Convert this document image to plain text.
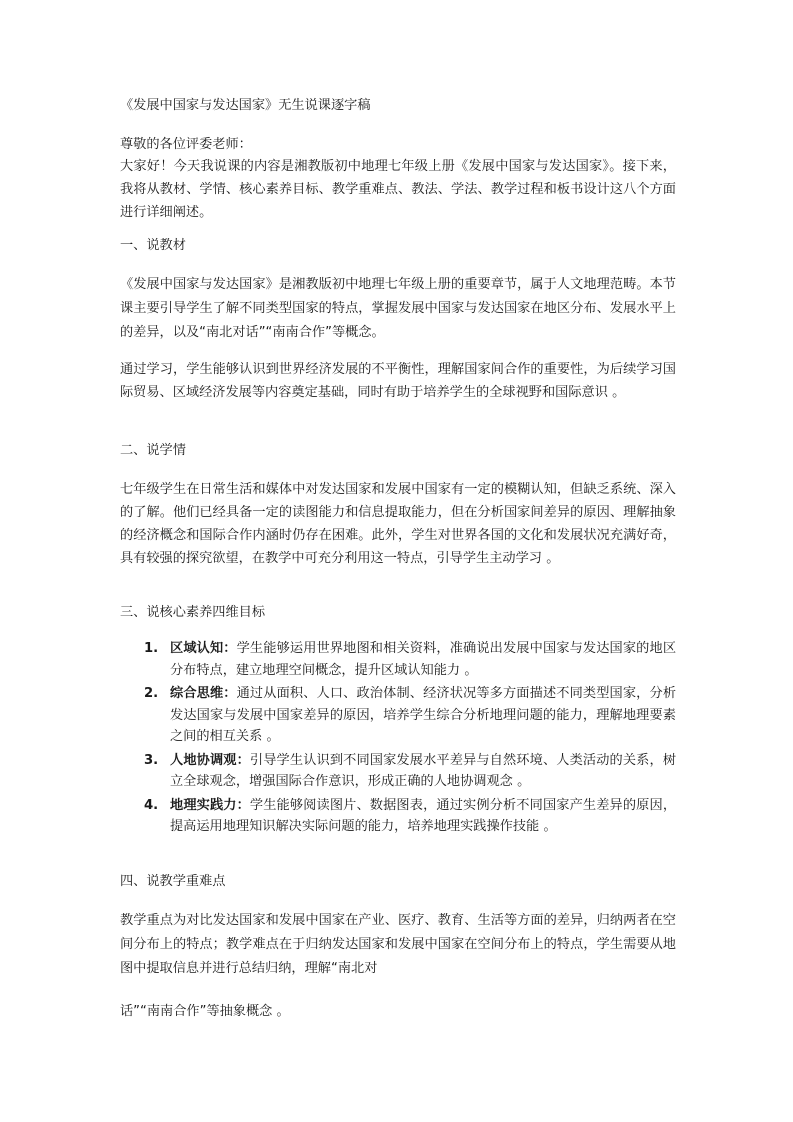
《发展中国家与发达国家》无生说课逐字稿

尊敬的各位评委老师：

大家好！今天我说课的内容是湘教版初中地理七年级上册《发展中国家与发达国家》。接下来，我将从教材、学情、核心素养目标、教学重难点、教法、学法、教学过程和板书设计这八个方面进行详细阐述。

一、说教材

《发展中国家与发达国家》是湘教版初中地理七年级上册的重要章节，属于人文地理范畴。本节课主要引导学生了解不同类型国家的特点，掌握发展中国家与发达国家在地区分布、发展水平上的差异，以及“南北对话”“南南合作”等概念。

通过学习，学生能够认识到世界经济发展的不平衡性，理解国家间合作的重要性，为后续学习国际贸易、区域经济发展等内容奠定基础，同时有助于培养学生的全球视野和国际意识 。

二、说学情

七年级学生在日常生活和媒体中对发达国家和发展中国家有一定的模糊认知，但缺乏系统、深入的了解。他们已经具备一定的读图能力和信息提取能力，但在分析国家间差异的原因、理解抽象的经济概念和国际合作内涵时仍存在困难。此外，学生对世界各国的文化和发展状况充满好奇，具有较强的探究欲望，在教学中可充分利用这一特点，引导学生主动学习 。

三、说核心素养四维目标

1. 区域认知：学生能够运用世界地图和相关资料，准确说出发展中国家与发达国家的地区分布特点，建立地理空间概念，提升区域认知能力 。
2. 综合思维：通过从面积、人口、政治体制、经济状况等多方面描述不同类型国家，分析发达国家与发展中国家差异的原因，培养学生综合分析地理问题的能力，理解地理要素之间的相互关系 。
3. 人地协调观：引导学生认识到不同国家发展水平差异与自然环境、人类活动的关系，树立全球观念，增强国际合作意识，形成正确的人地协调观念 。
4. 地理实践力：学生能够阅读图片、数据图表，通过实例分析不同国家产生差异的原因，提高运用地理知识解决实际问题的能力，培养地理实践操作技能 。

四、说教学重难点

教学重点为对比发达国家和发展中国家在产业、医疗、教育、生活等方面的差异，归纳两者在空间分布上的特点；教学难点在于归纳发达国家和发展中国家在空间分布上的特点，学生需要从地图中提取信息并进行总结归纳，理解“南北对

话”“南南合作”等抽象概念 。
